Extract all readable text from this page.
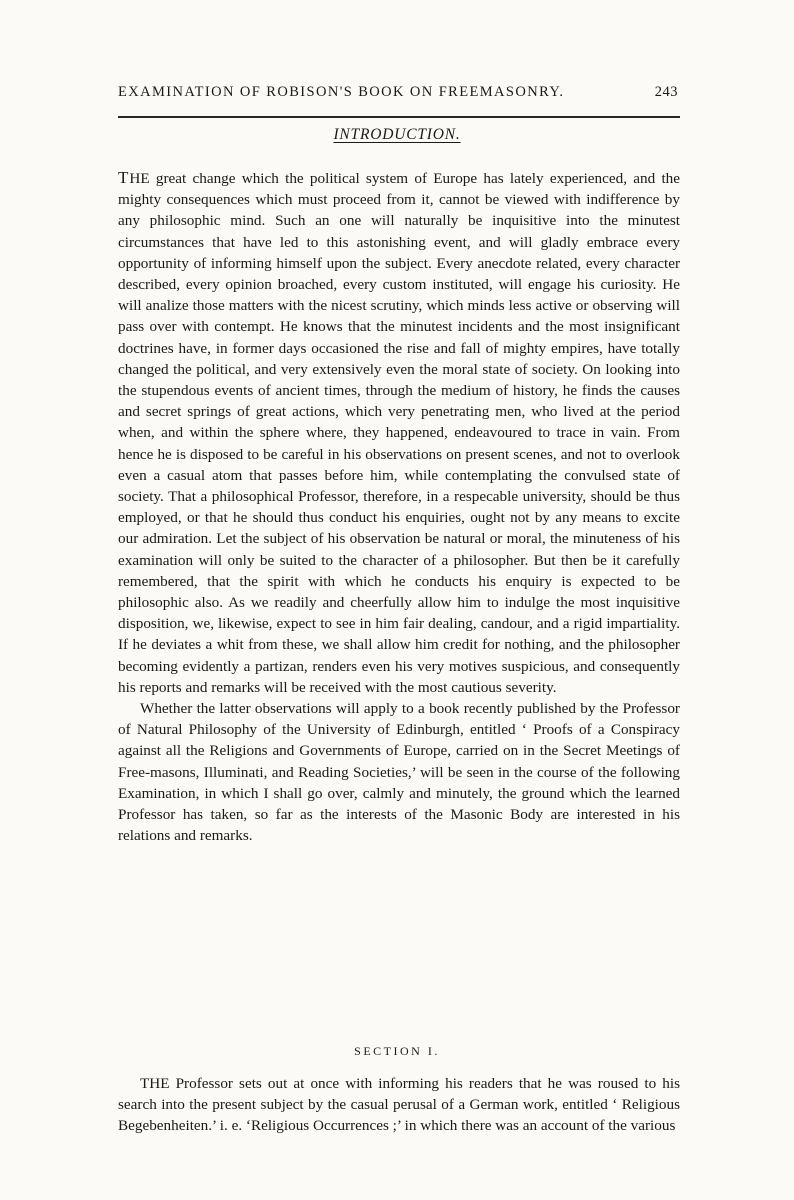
EXAMINATION OF ROBISON'S BOOK ON FREEMASONRY.	243
INTRODUCTION.

THE great change which the political system of Europe has lately experienced, and the mighty consequences which must proceed from it, cannot be viewed with indifference by any philosophic mind. Such an one will naturally be inquisitive into the minutest circumstances that have led to this astonishing event, and will gladly embrace every opportunity of informing himself upon the subject. Every anecdote related, every character described, every opinion broached, every custom instituted, will engage his curiosity. He will analize those matters with the nicest scrutiny, which minds less active or observing will pass over with contempt. He knows that the minutest incidents and the most insignificant doctrines have, in former days occasioned the rise and fall of mighty empires, have totally changed the political, and very extensively even the moral state of society. On looking into the stupendous events of ancient times, through the medium of history, he finds the causes and secret springs of great actions, which very penetrating men, who lived at the period when, and within the sphere where, they happened, endeavoured to trace in vain. From hence he is disposed to be careful in his observations on present scenes, and not to overlook even a casual atom that passes before him, while contemplating the convulsed state of society. That a philosophical Professor, therefore, in a respecable university, should be thus employed, or that he should thus conduct his enquiries, ought not by any means to excite our admiration. Let the subject of his observation be natural or moral, the minuteness of his examination will only be suited to the character of a philosopher. But then be it carefully remembered, that the spirit with which he conducts his enquiry is expected to be philosophic also. As we readily and cheerfully allow him to indulge the most inquisitive disposition, we, likewise, expect to see in him fair dealing, candour, and a rigid impartiality. If he deviates a whit from these, we shall allow him credit for nothing, and the philosopher becoming evidently a partizan, renders even his very motives suspicious, and consequently his reports and remarks will be received with the most cautious severity.

Whether the latter observations will apply to a book recently published by the Professor of Natural Philosophy of the University of Edinburgh, entitled ‘ Proofs of a Conspiracy against all the Religions and Governments of Europe, carried on in the Secret Meetings of Free-masons, Illuminati, and Reading Societies,’ will be seen in the course of the following Examination, in which I shall go over, calmly and minutely, the ground which the learned Professor has taken, so far as the interests of the Masonic Body are interested in his relations and remarks.

SECTION I.

THE Professor sets out at once with informing his readers that he was roused to his search into the present subject by the casual perusal of a German work, entitled ‘ Religious Begebenheiten.’ i. e. ‘Religious Occurrences ;’ in which there was an account of the various
